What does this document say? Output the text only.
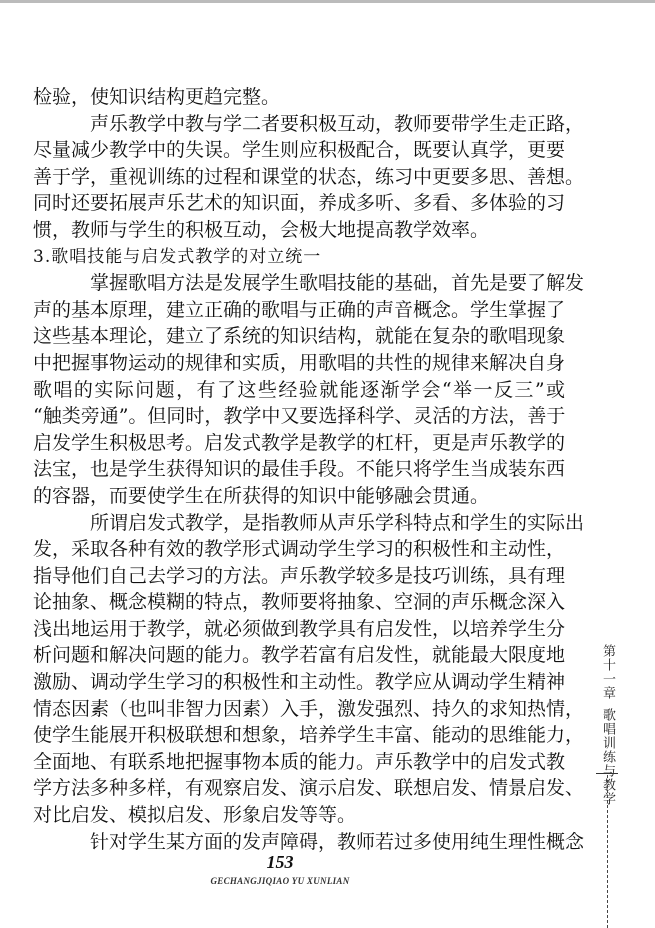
检验，使知识结构更趋完整。
声乐教学中教与学二者要积极互动，教师要带学生走正路，
尽量减少教学中的失误。学生则应积极配合，既要认真学，更要
善于学，重视训练的过程和课堂的状态，练习中更要多思、善想。
同时还要拓展声乐艺术的知识面，养成多听、多看、多体验的习
惯，教师与学生的积极互动，会极大地提高教学效率。
3.歌唱技能与启发式教学的对立统一
掌握歌唱方法是发展学生歌唱技能的基础，首先是要了解发
声的基本原理，建立正确的歌唱与正确的声音概念。学生掌握了
这些基本理论，建立了系统的知识结构，就能在复杂的歌唱现象
中把握事物运动的规律和实质，用歌唱的共性的规律来解决自身
歌唱的实际问题，有了这些经验就能逐渐学会“举一反三”或
“触类旁通”。但同时，教学中又要选择科学、灵活的方法，善于
启发学生积极思考。启发式教学是教学的杠杆，更是声乐教学的
法宝，也是学生获得知识的最佳手段。不能只将学生当成装东西
的容器，而要使学生在所获得的知识中能够融会贯通。
所谓启发式教学，是指教师从声乐学科特点和学生的实际出
发，采取各种有效的教学形式调动学生学习的积极性和主动性，
指导他们自己去学习的方法。声乐教学较多是技巧训练，具有理
论抽象、概念模糊的特点，教师要将抽象、空洞的声乐概念深入
浅出地运用于教学，就必须做到教学具有启发性，以培养学生分
析问题和解决问题的能力。教学若富有启发性，就能最大限度地
激励、调动学生学习的积极性和主动性。教学应从调动学生精神
情态因素（也叫非智力因素）入手，激发强烈、持久的求知热情，
使学生能展开积极联想和想象，培养学生丰富、能动的思维能力，
全面地、有联系地把握事物本质的能力。声乐教学中的启发式教
学方法多种多样，有观察启发、演示启发、联想启发、情景启发、
对比启发、模拟启发、形象启发等等。
针对学生某方面的发声障碍，教师若过多使用纯生理性概念
153
GECHANGJIQIAO YU XUNLIAN
第十一章
歌唱训练与教学
